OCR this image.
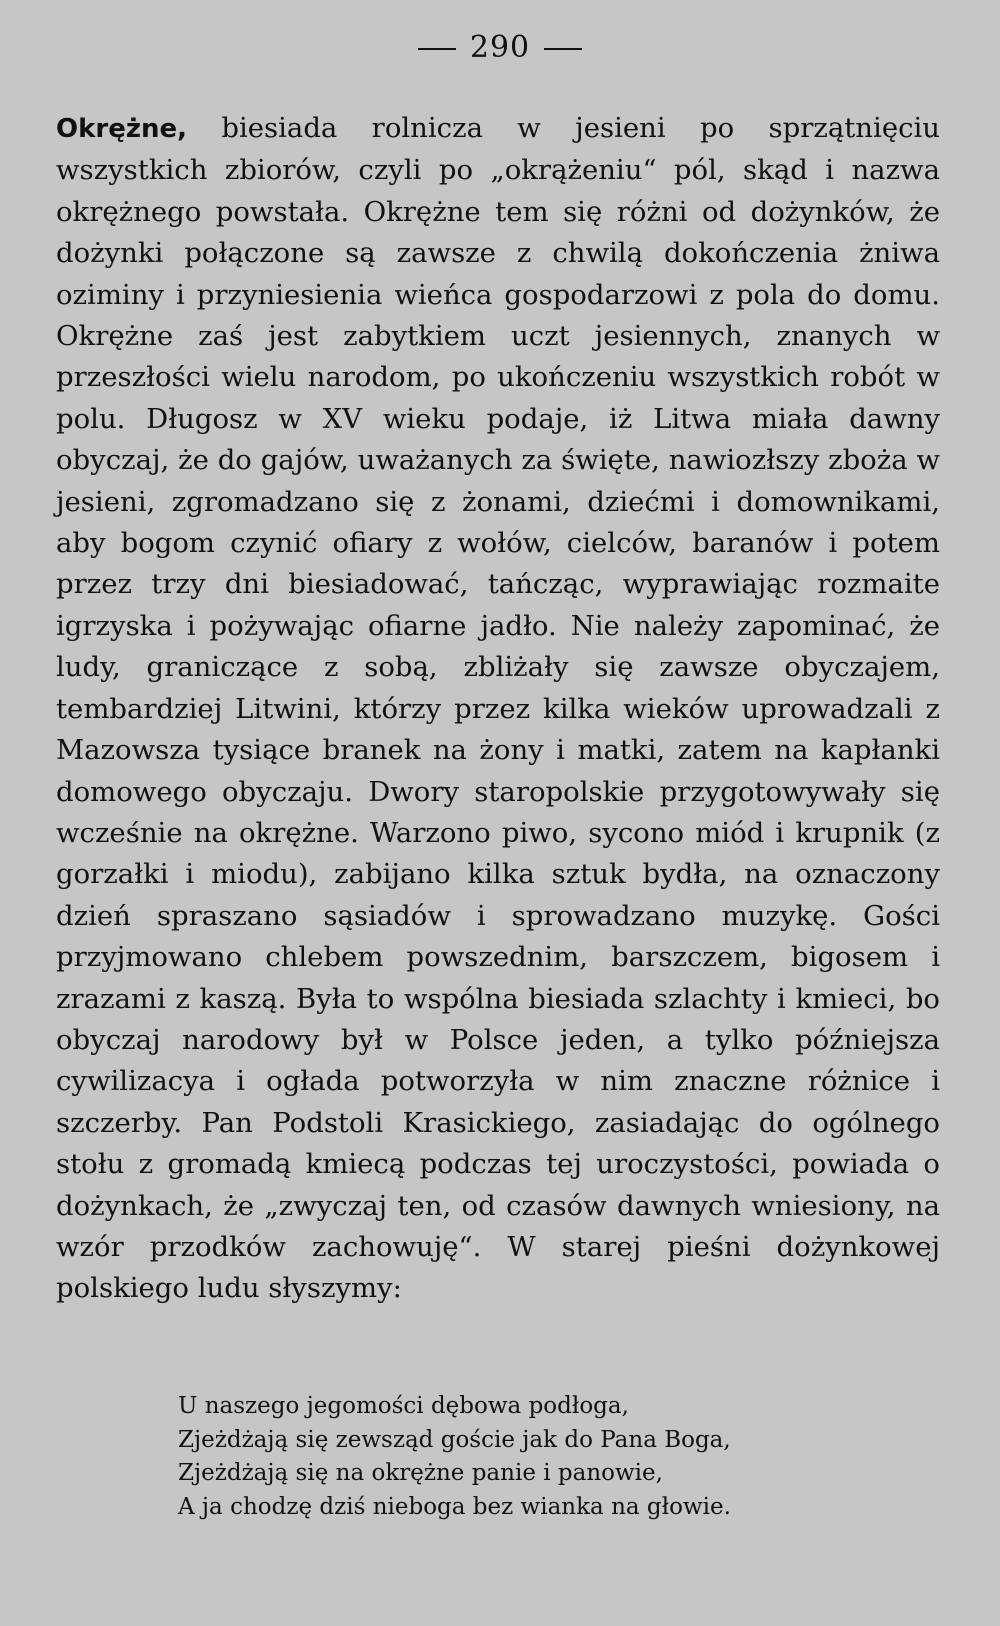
290
Okrężne, biesiada rolnicza w jesieni po sprzątnięciu wszystkich zbiorów, czyli po „okrążeniu“ pól, skąd i nazwa okrężnego powstała. Okrężne tem się różni od dożynków, że dożynki połączone są zawsze z chwilą dokończenia żniwa oziminy i przyniesienia wieńca gospodarzowi z pola do domu. Okrężne zaś jest zabytkiem uczt jesiennych, znanych w przeszłości wielu narodom, po ukończeniu wszystkich robót w polu. Długosz w XV wieku podaje, iż Litwa miała dawny obyczaj, że do gajów, uważanych za święte, nawiozłszy zboża w jesieni, zgromadzano się z żonami, dziećmi i domownikami, aby bogom czynić ofiary z wołów, cielców, baranów i potem przez trzy dni biesiadować, tańcząc, wyprawiając rozmaite igrzyska i pożywając ofiarne jadło. Nie należy zapominać, że ludy, graniczące z sobą, zbliżały się zawsze obyczajem, tembardziej Litwini, którzy przez kilka wieków uprowadzali z Mazowsza tysiące branek na żony i matki, zatem na kapłanki domowego obyczaju. Dwory staropolskie przygotowywały się wcześnie na okrężne. Warzono piwo, sycono miód i krupnik (z gorzałki i miodu), zabijano kilka sztuk bydła, na oznaczony dzień spraszano sąsiadów i sprowadzano muzykę. Gości przyjmowano chlebem powszednim, barszczem, bigosem i zrazami z kaszą. Była to wspólna biesiada szlachty i kmieci, bo obyczaj narodowy był w Polsce jeden, a tylko późniejsza cywilizacya i ogłada potworzyła w nim znaczne różnice i szczerby. Pan Podstoli Krasickiego, zasiadając do ogólnego stołu z gromadą kmiecą podczas tej uroczystości, powiada o dożynkach, że „zwyczaj ten, od czasów dawnych wniesiony, na wzór przodków zachowuję“. W starej pieśni dożynkowej polskiego ludu słyszymy:
U naszego jegomości dębowa podłoga,
Zjeżdżają się zewsząd goście jak do Pana Boga,
Zjeżdżają się na okrężne panie i panowie,
A ja chodzę dziś nieboga bez wianka na głowie.
